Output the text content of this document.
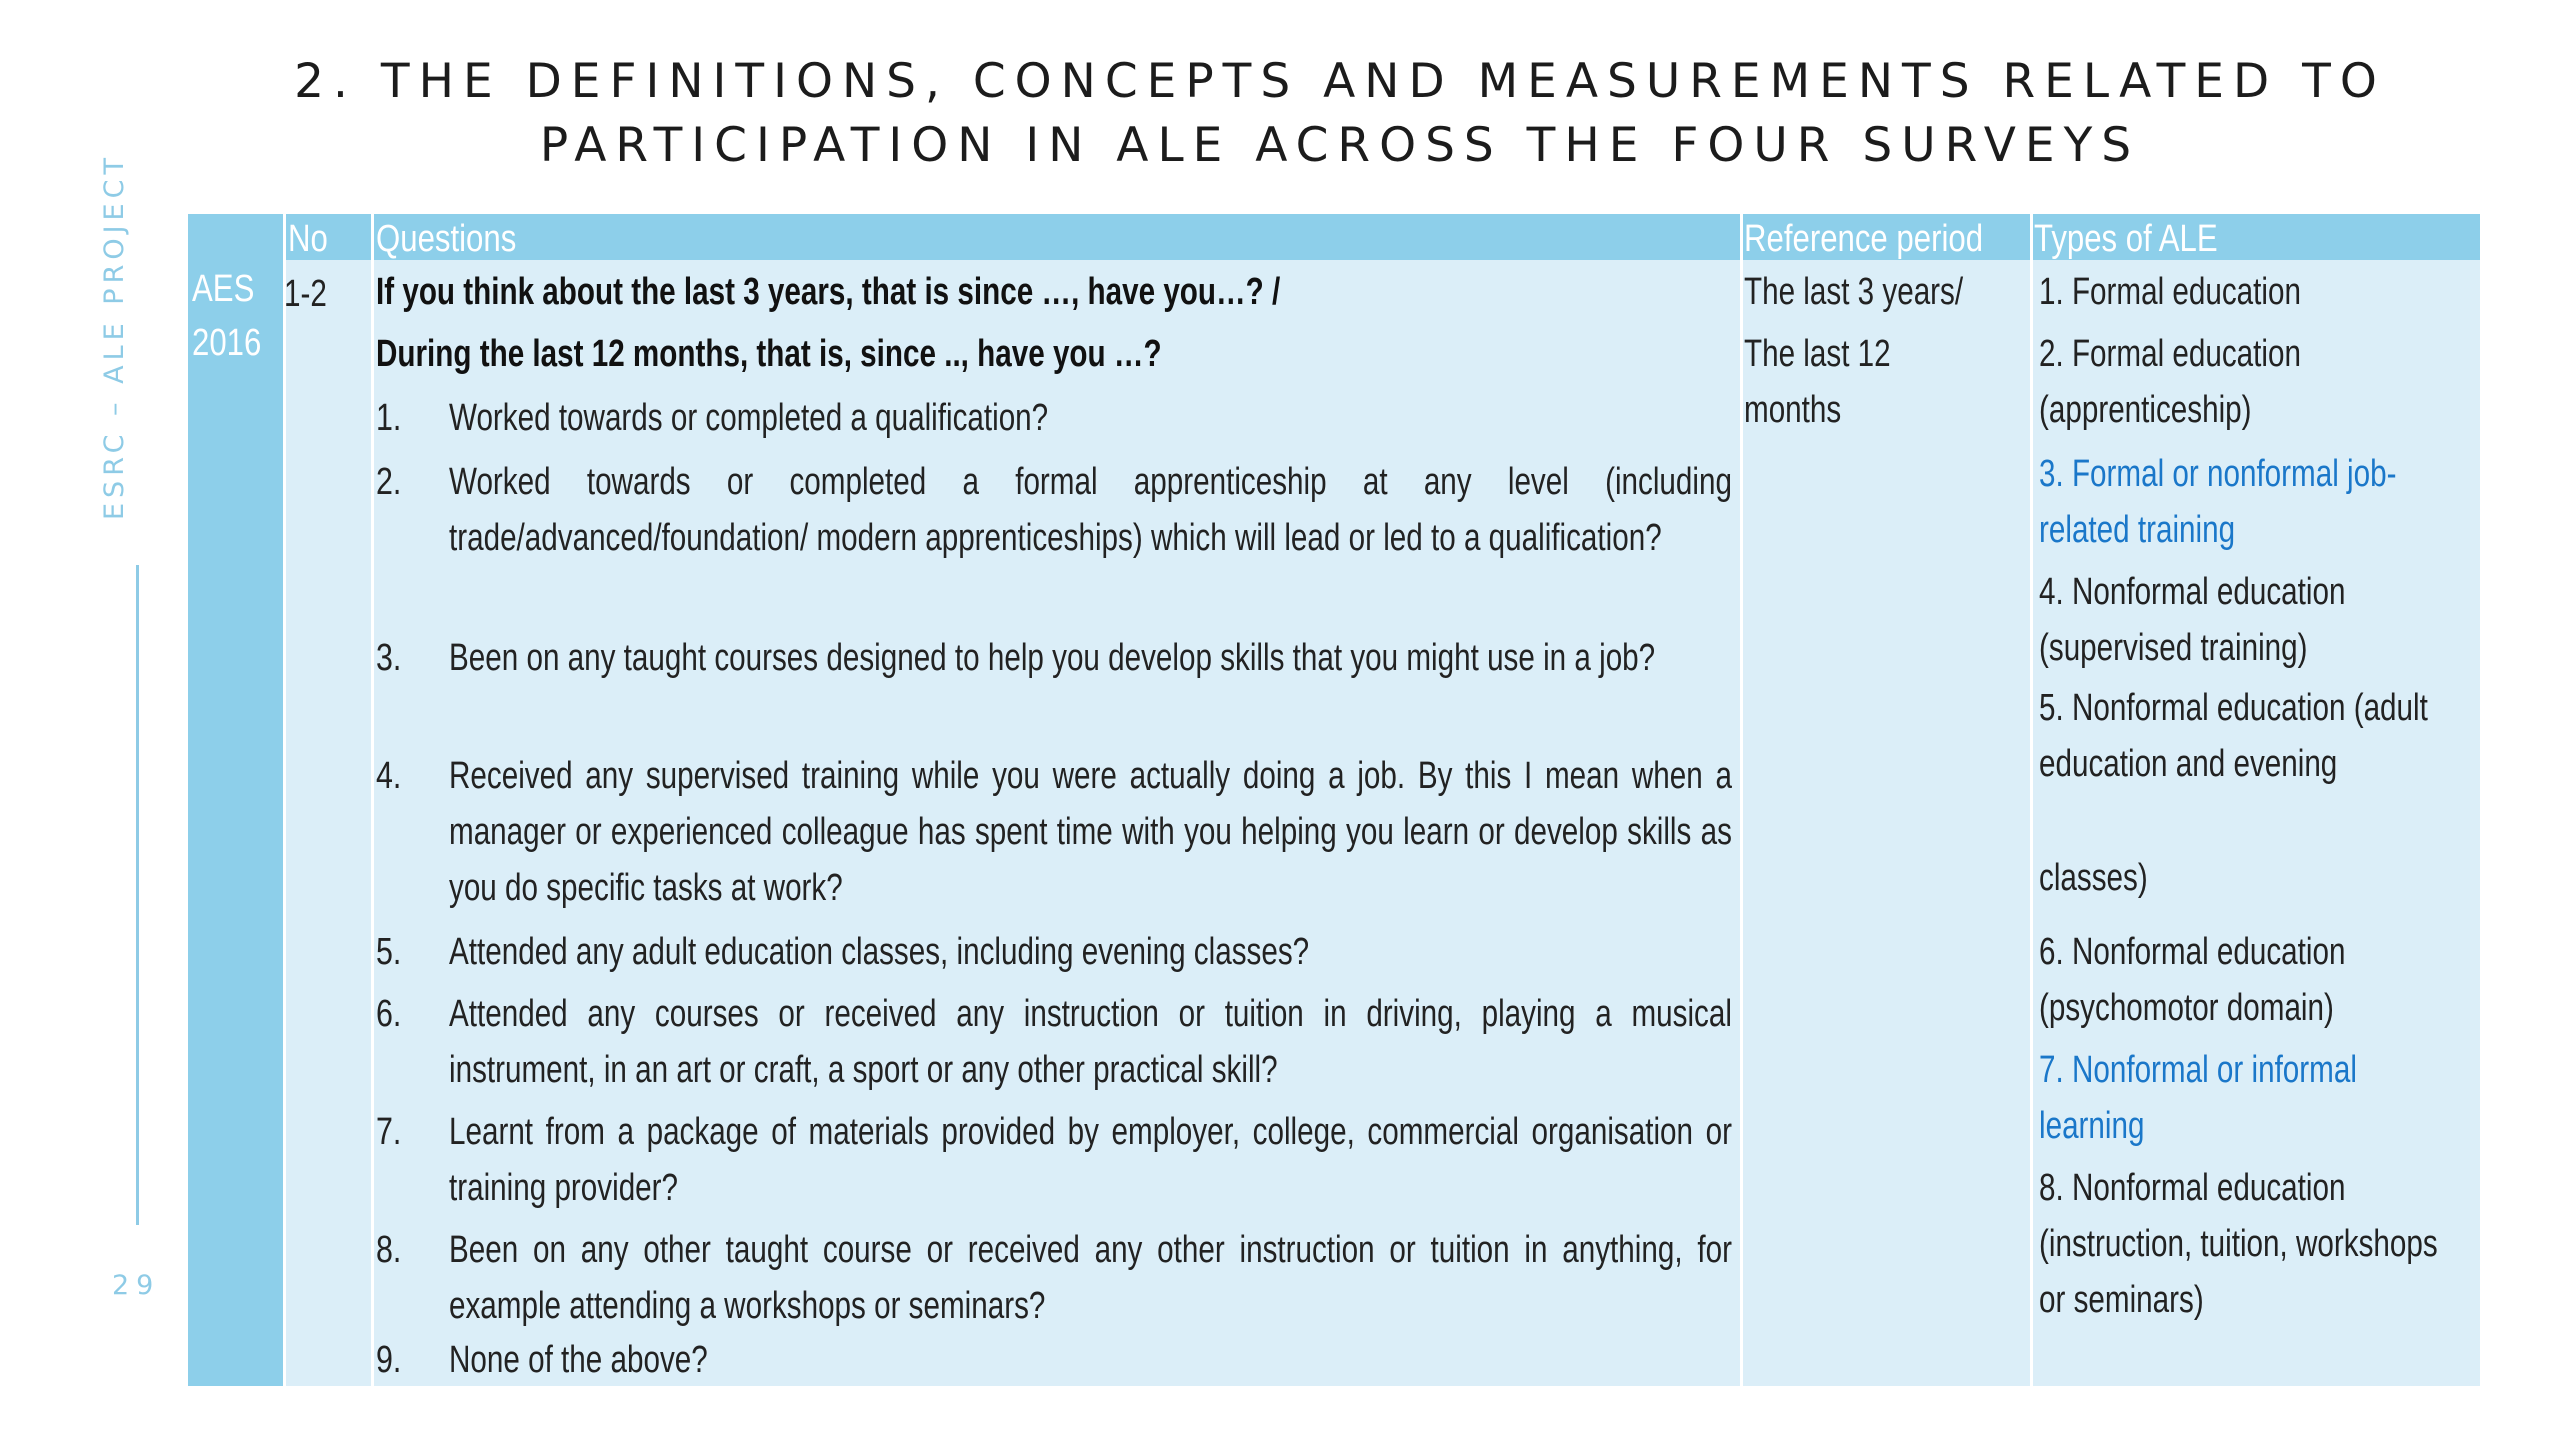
2. THE DEFINITIONS, CONCEPTS AND MEASUREMENTS RELATED TO
PARTICIPATION IN ALE ACROSS THE FOUR SURVEYS
ESRC – ALE PROJECT
29
AES
2016
No Questions	Reference period Types of ALE
1-2 If you think about the last 3 years, that is since …, have you…? /
During the last 12 months, that is, since .., have you …?
1. Worked towards or completed a qualification?
2. Worked towards or completed a formal apprenticeship at any level (including trade/advanced/foundation/ modern apprenticeships) which will lead or led to a qualification?
3. Been on any taught courses designed to help you develop skills that you might use in a job?
4. Received any supervised training while you were actually doing a job. By this I mean when a manager or experienced colleague has spent time with you helping you learn or develop skills as you do specific tasks at work?
5. Attended any adult education classes, including evening classes?
6. Attended any courses or received any instruction or tuition in driving, playing a musical instrument, in an art or craft, a sport or any other practical skill?
7. Learnt from a package of materials provided by employer, college, commercial organisation or training provider?
8. Been on any other taught course or received any other instruction or tuition in anything, for example attending a workshops or seminars?
9. None of the above?
The last 3 years/
The last 12
months
1. Formal education
2. Formal education (apprenticeship)
3. Formal or nonformal job-related training
4. Nonformal education (supervised training)
5. Nonformal education (adult education and evening
classes)
6. Nonformal education (psychomotor domain)
7. Nonformal or informal learning
8. Nonformal education (instruction, tuition, workshops or seminars)
